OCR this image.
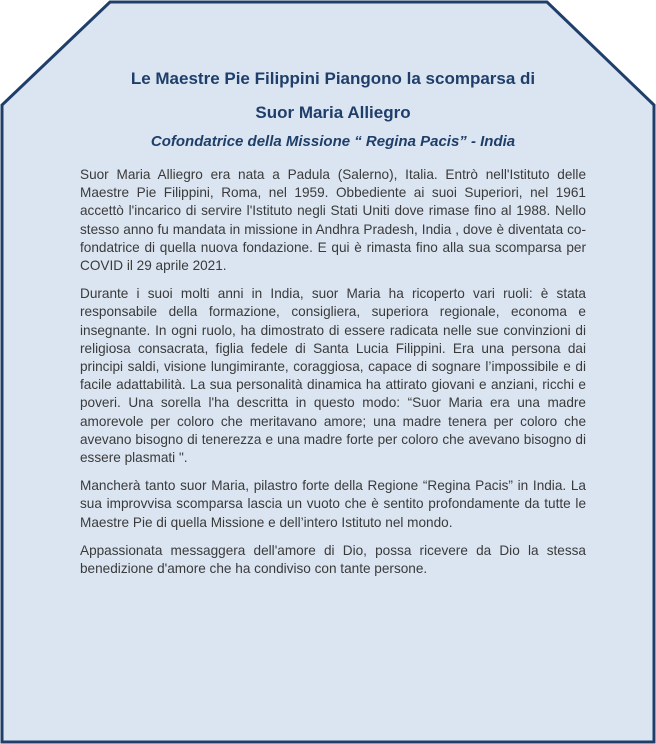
Le Maestre Pie Filippini Piangono la scomparsa di

Suor Maria Alliegro

Cofondatrice della Missione “ Regina Pacis” - India

Suor Maria Alliegro era nata a Padula (Salerno), Italia. Entrò nell'Istituto delle Maestre Pie Filippini, Roma, nel 1959. Obbediente ai suoi Superiori, nel 1961 accettò l'incarico di servire l'Istituto negli Stati Uniti dove rimase fino al 1988. Nello stesso anno fu mandata in missione in Andhra Pradesh, India , dove è diventata co-fondatrice di quella nuova fondazione. E qui è rimasta fino alla sua scomparsa per COVID il 29 aprile 2021.

Durante i suoi molti anni in India, suor Maria ha ricoperto vari ruoli: è stata responsabile della formazione, consigliera, superiora regionale, economa e insegnante. In ogni ruolo, ha dimostrato di essere radicata nelle sue convinzioni di religiosa consacrata, figlia fedele di Santa Lucia Filippini. Era una persona dai principi saldi, visione lungimirante, coraggiosa, capace di sognare l’impossibile e di facile adattabilità. La sua personalità dinamica ha attirato giovani e anziani, ricchi e poveri. Una sorella l'ha descritta in questo modo: “Suor Maria era una madre amorevole per coloro che meritavano amore; una madre tenera per coloro che avevano bisogno di tenerezza e una madre forte per coloro che avevano bisogno di essere plasmati ".

Mancherà tanto suor Maria, pilastro forte della Regione “Regina Pacis” in India. La sua improvvisa scomparsa lascia un vuoto che è sentito profondamente da tutte le Maestre Pie di quella Missione e dell’intero Istituto nel mondo.

Appassionata messaggera dell'amore di Dio, possa ricevere da Dio la stessa benedizione d'amore che ha condiviso con tante persone.
